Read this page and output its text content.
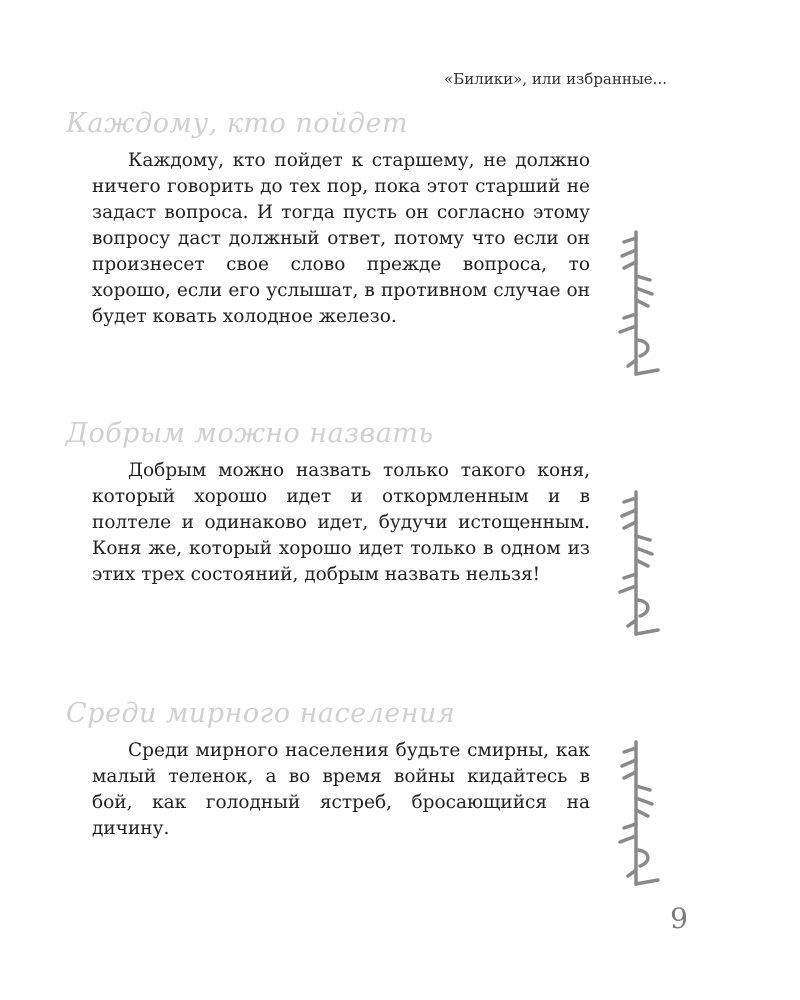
«Билики», или избранные...
Каждому, кто пойдет

Каждому, кто пойдет к старшему, не должно ничего говорить до тех пор, пока этот старший не задаст вопроса. И тогда пусть он согласно этому вопросу даст должный ответ, потому что если он произнесет свое слово прежде вопроса, то хорошо, если его услышат, в противном случае он будет ковать холодное железо.

Добрым можно назвать

Добрым можно назвать только такого коня, который хорошо идет и откормленным и в полтеле и одинаково идет, будучи истощенным. Коня же, который хорошо идет только в одном из этих трех состояний, добрым назвать нельзя!

Среди мирного населения

Среди мирного населения будьте смирны, как малый теленок, а во время войны кидайтесь в бой, как голодный ястреб, бросающийся на дичину.

9
